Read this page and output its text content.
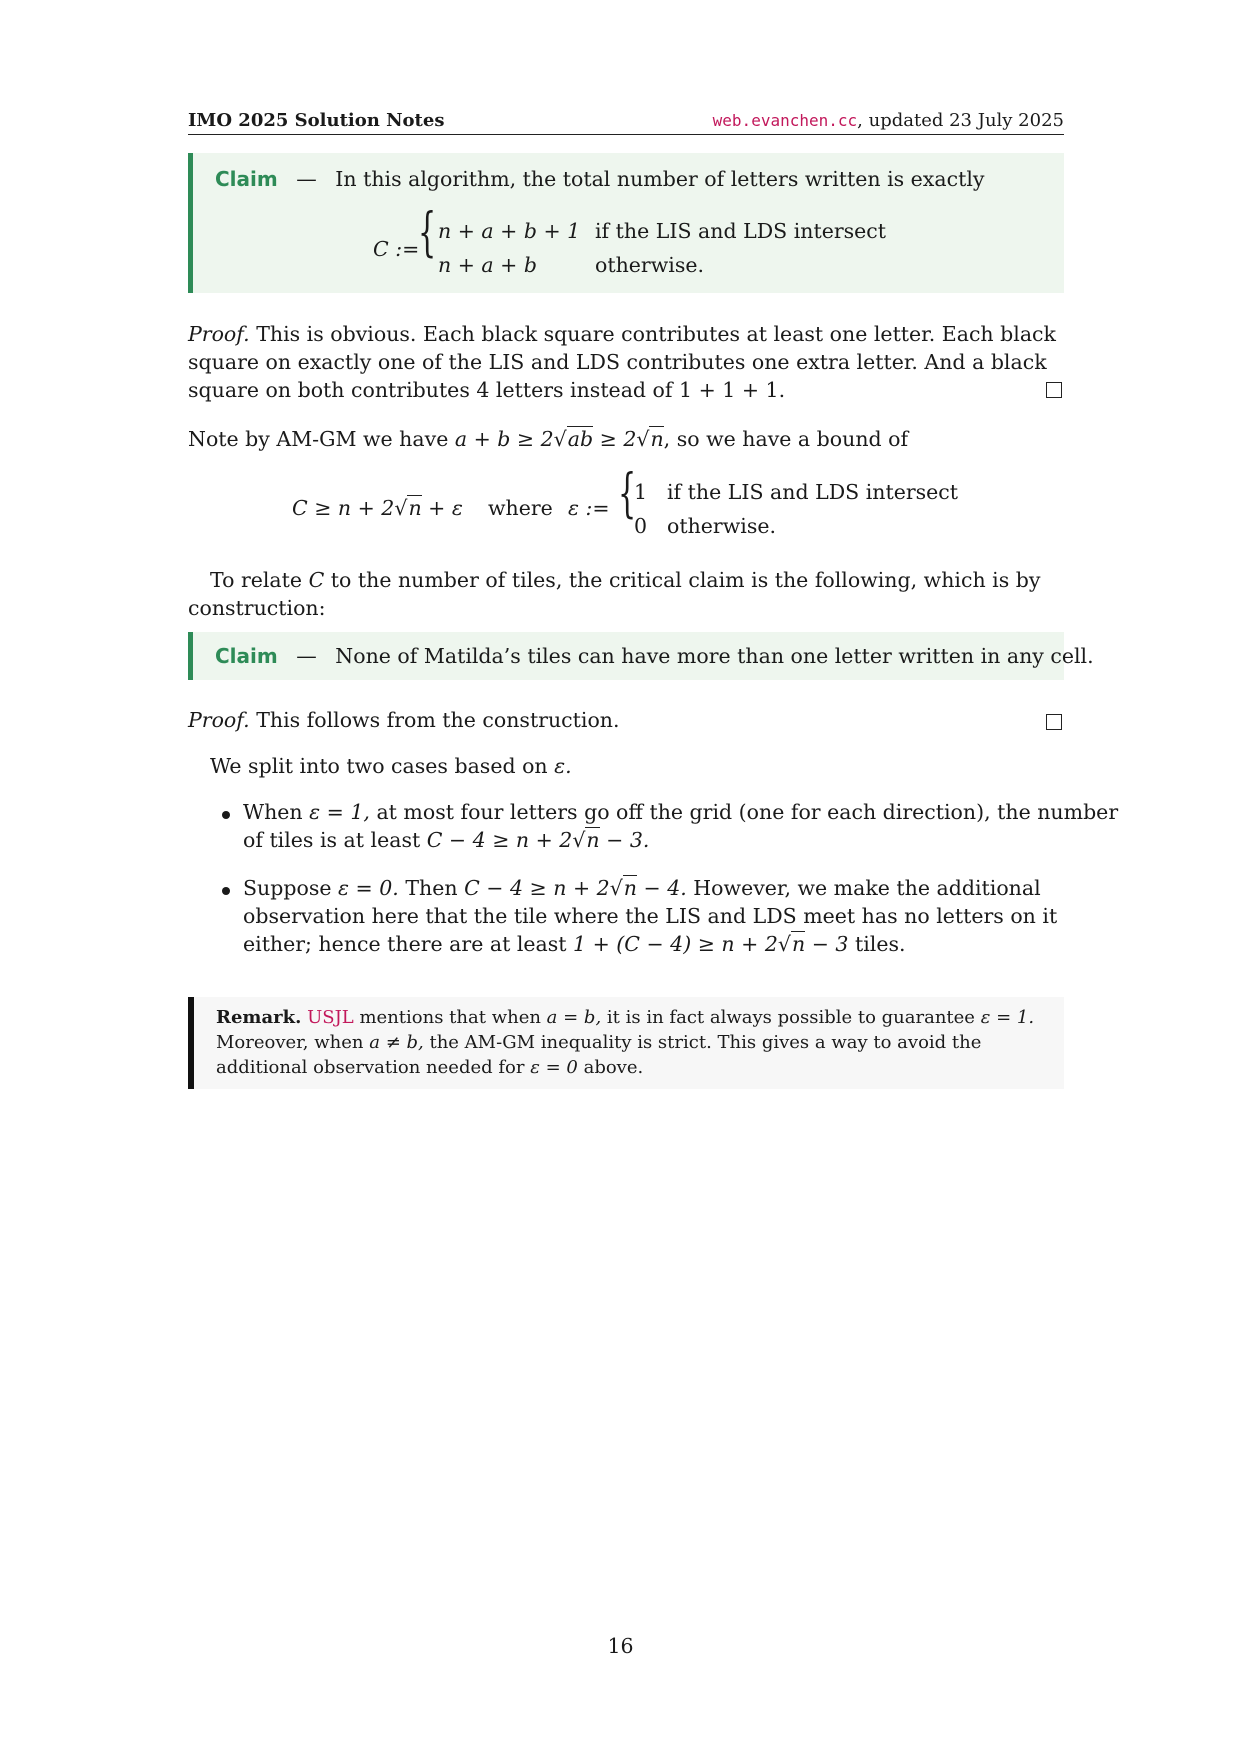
IMO 2025 Solution Notes	web.evanchen.cc, updated 23 July 2025
Claim — In this algorithm, the total number of letters written is exactly
C :=
{ n + a + b + 1 if the LIS and LDS intersect
n + a + b	otherwise.
Proof. This is obvious. Each black square contributes at least one letter. Each black
square on exactly one of the LIS and LDS contributes one extra letter. And a black
square on both contributes 4 letters instead of 1 + 1 + 1.
Note by AM-GM we have a + b ≥ 2√ab ≥ 2√n, so we have a bound of
C ≥ n + 2√n + ε where ε := {
1 if the LIS and LDS intersect
0 otherwise.
To relate C to the number of tiles, the critical claim is the following, which is by
construction:
Claim — None of Matilda’s tiles can have more than one letter written in any cell.
Proof. This follows from the construction.
We split into two cases based on ε.
When ε = 1, at most four letters go off the grid (one for each direction), the number
of tiles is at least C − 4 ≥ n + 2√n − 3.
Suppose ε = 0. Then C − 4 ≥ n + 2√n − 4. However, we make the additional
observation here that the tile where the LIS and LDS meet has no letters on it
either; hence there are at least 1 + (C − 4) ≥ n + 2√n − 3 tiles.
Remark. USJL mentions that when a = b, it is in fact always possible to guarantee ε = 1.
Moreover, when a ≠ b, the AM-GM inequality is strict. This gives a way to avoid the
additional observation needed for ε = 0 above.
16
